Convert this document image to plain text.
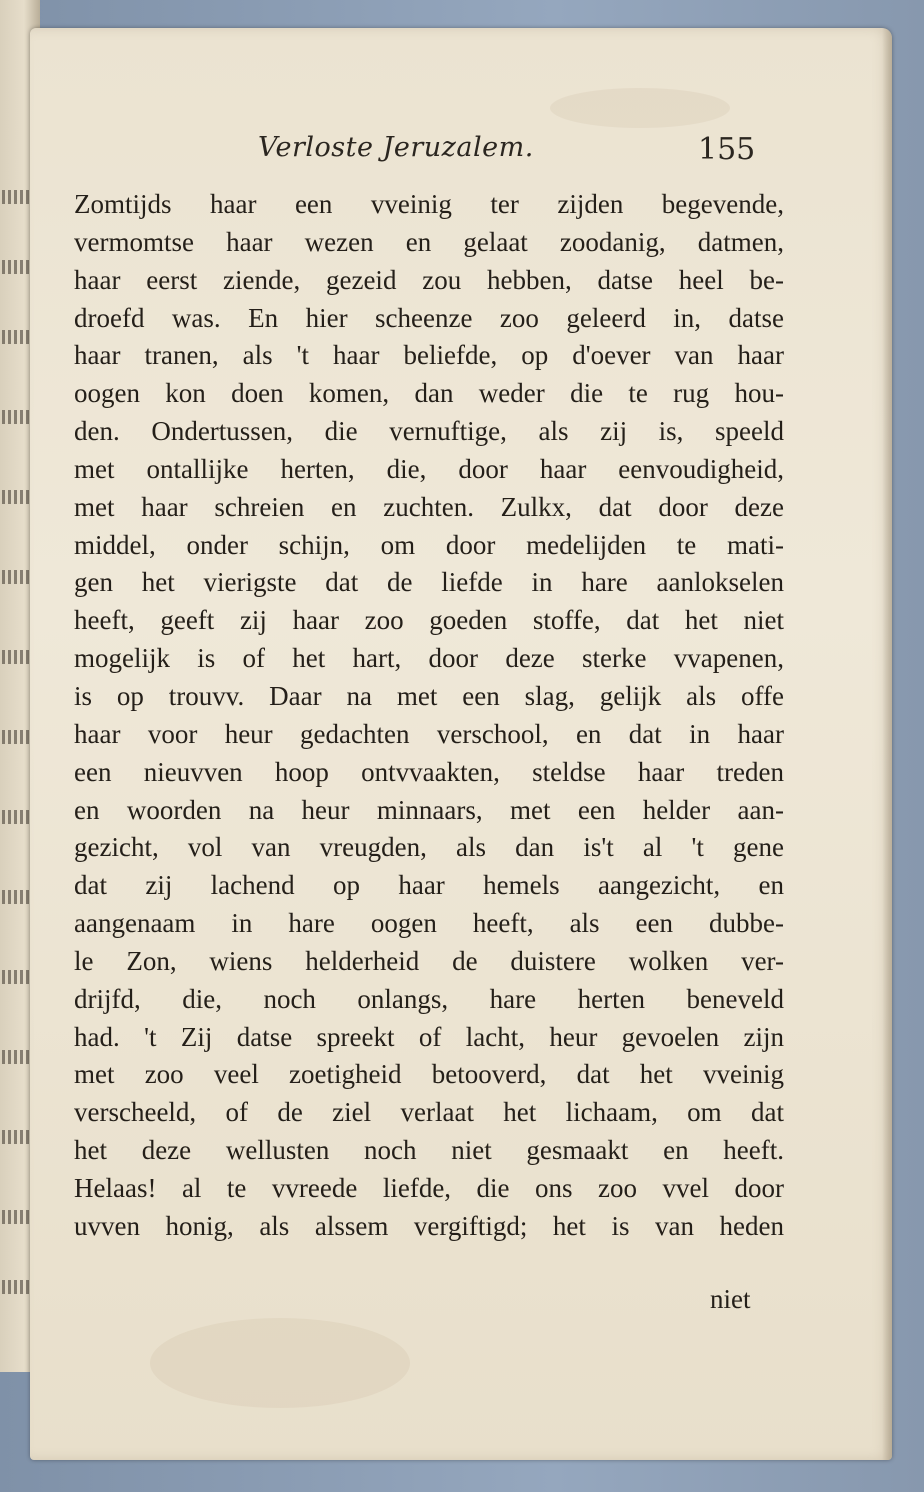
Verloste Jeruzalem.	155
Zomtijds haar een vveinig ter zijden begevende,
vermomtse haar wezen en gelaat zoodanig, datmen,
haar eerst ziende, gezeid zou hebben, datse heel be-
droefd was. En hier scheenze zoo geleerd in, datse
haar tranen, als 't haar beliefde, op d'oever van haar
oogen kon doen komen, dan weder die te rug hou-
den. Ondertussen, die vernuftige, als zij is, speeld
met ontallijke herten, die, door haar eenvoudigheid,
met haar schreien en zuchten. Zulkx, dat door deze
middel, onder schijn, om door medelijden te mati-
gen het vierigste dat de liefde in hare aanlokselen
heeft, geeft zij haar zoo goeden stoffe, dat het niet
mogelijk is of het hart, door deze sterke vvapenen,
is op trouvv. Daar na met een slag, gelijk als offe
haar voor heur gedachten verschool, en dat in haar
een nieuvven hoop ontvvaakten, steldse haar treden
en woorden na heur minnaars, met een helder aan-
gezicht, vol van vreugden, als dan is't al 't gene
dat zij lachend op haar hemels aangezicht, en
aangenaam in hare oogen heeft, als een dubbe-
le Zon, wiens helderheid de duistere wolken ver-
drijfd, die, noch onlangs, hare herten beneveld
had. 't Zij datse spreekt of lacht, heur gevoelen zijn
met zoo veel zoetigheid betooverd, dat het vveinig
verscheeld, of de ziel verlaat het lichaam, om dat
het deze wellusten noch niet gesmaakt en heeft.
Helaas! al te vvreede liefde, die ons zoo vvel door
uvven honig, als alssem vergiftigd; het is van heden
niet
